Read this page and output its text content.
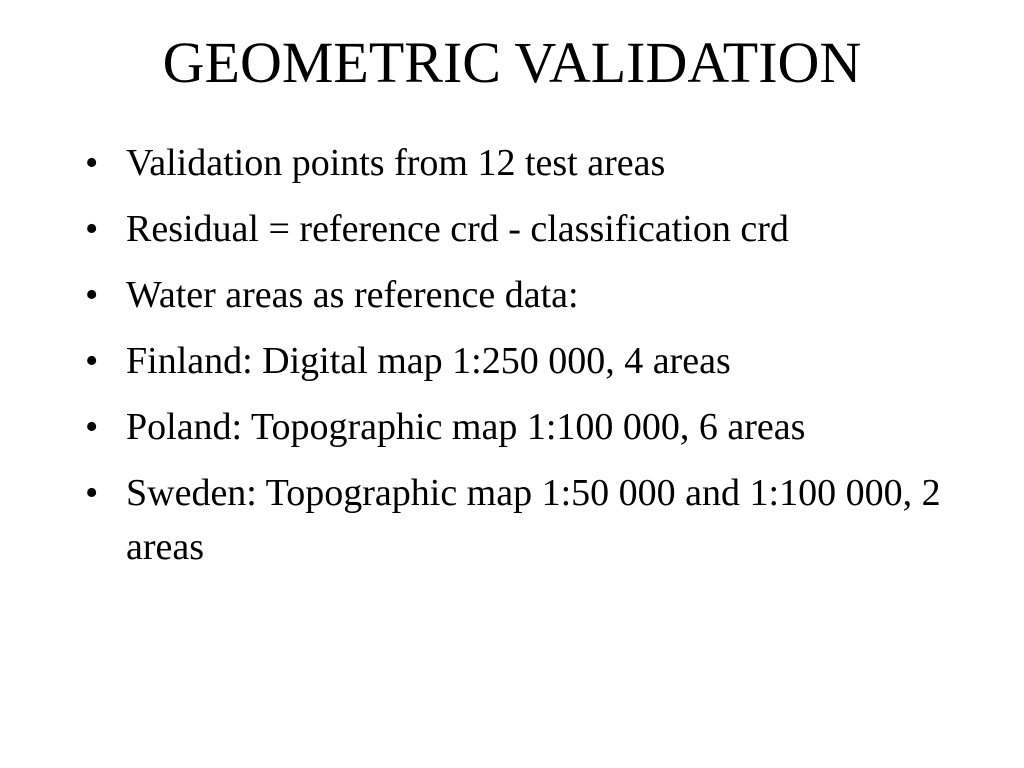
GEOMETRIC VALIDATION
• Validation points from 12 test areas
• Residual = reference crd - classification crd
• Water areas as reference data:
• Finland: Digital map 1:250 000, 4 areas
• Poland: Topographic map 1:100 000, 6 areas
• Sweden: Topographic map 1:50 000 and 1:100 000, 2 areas
